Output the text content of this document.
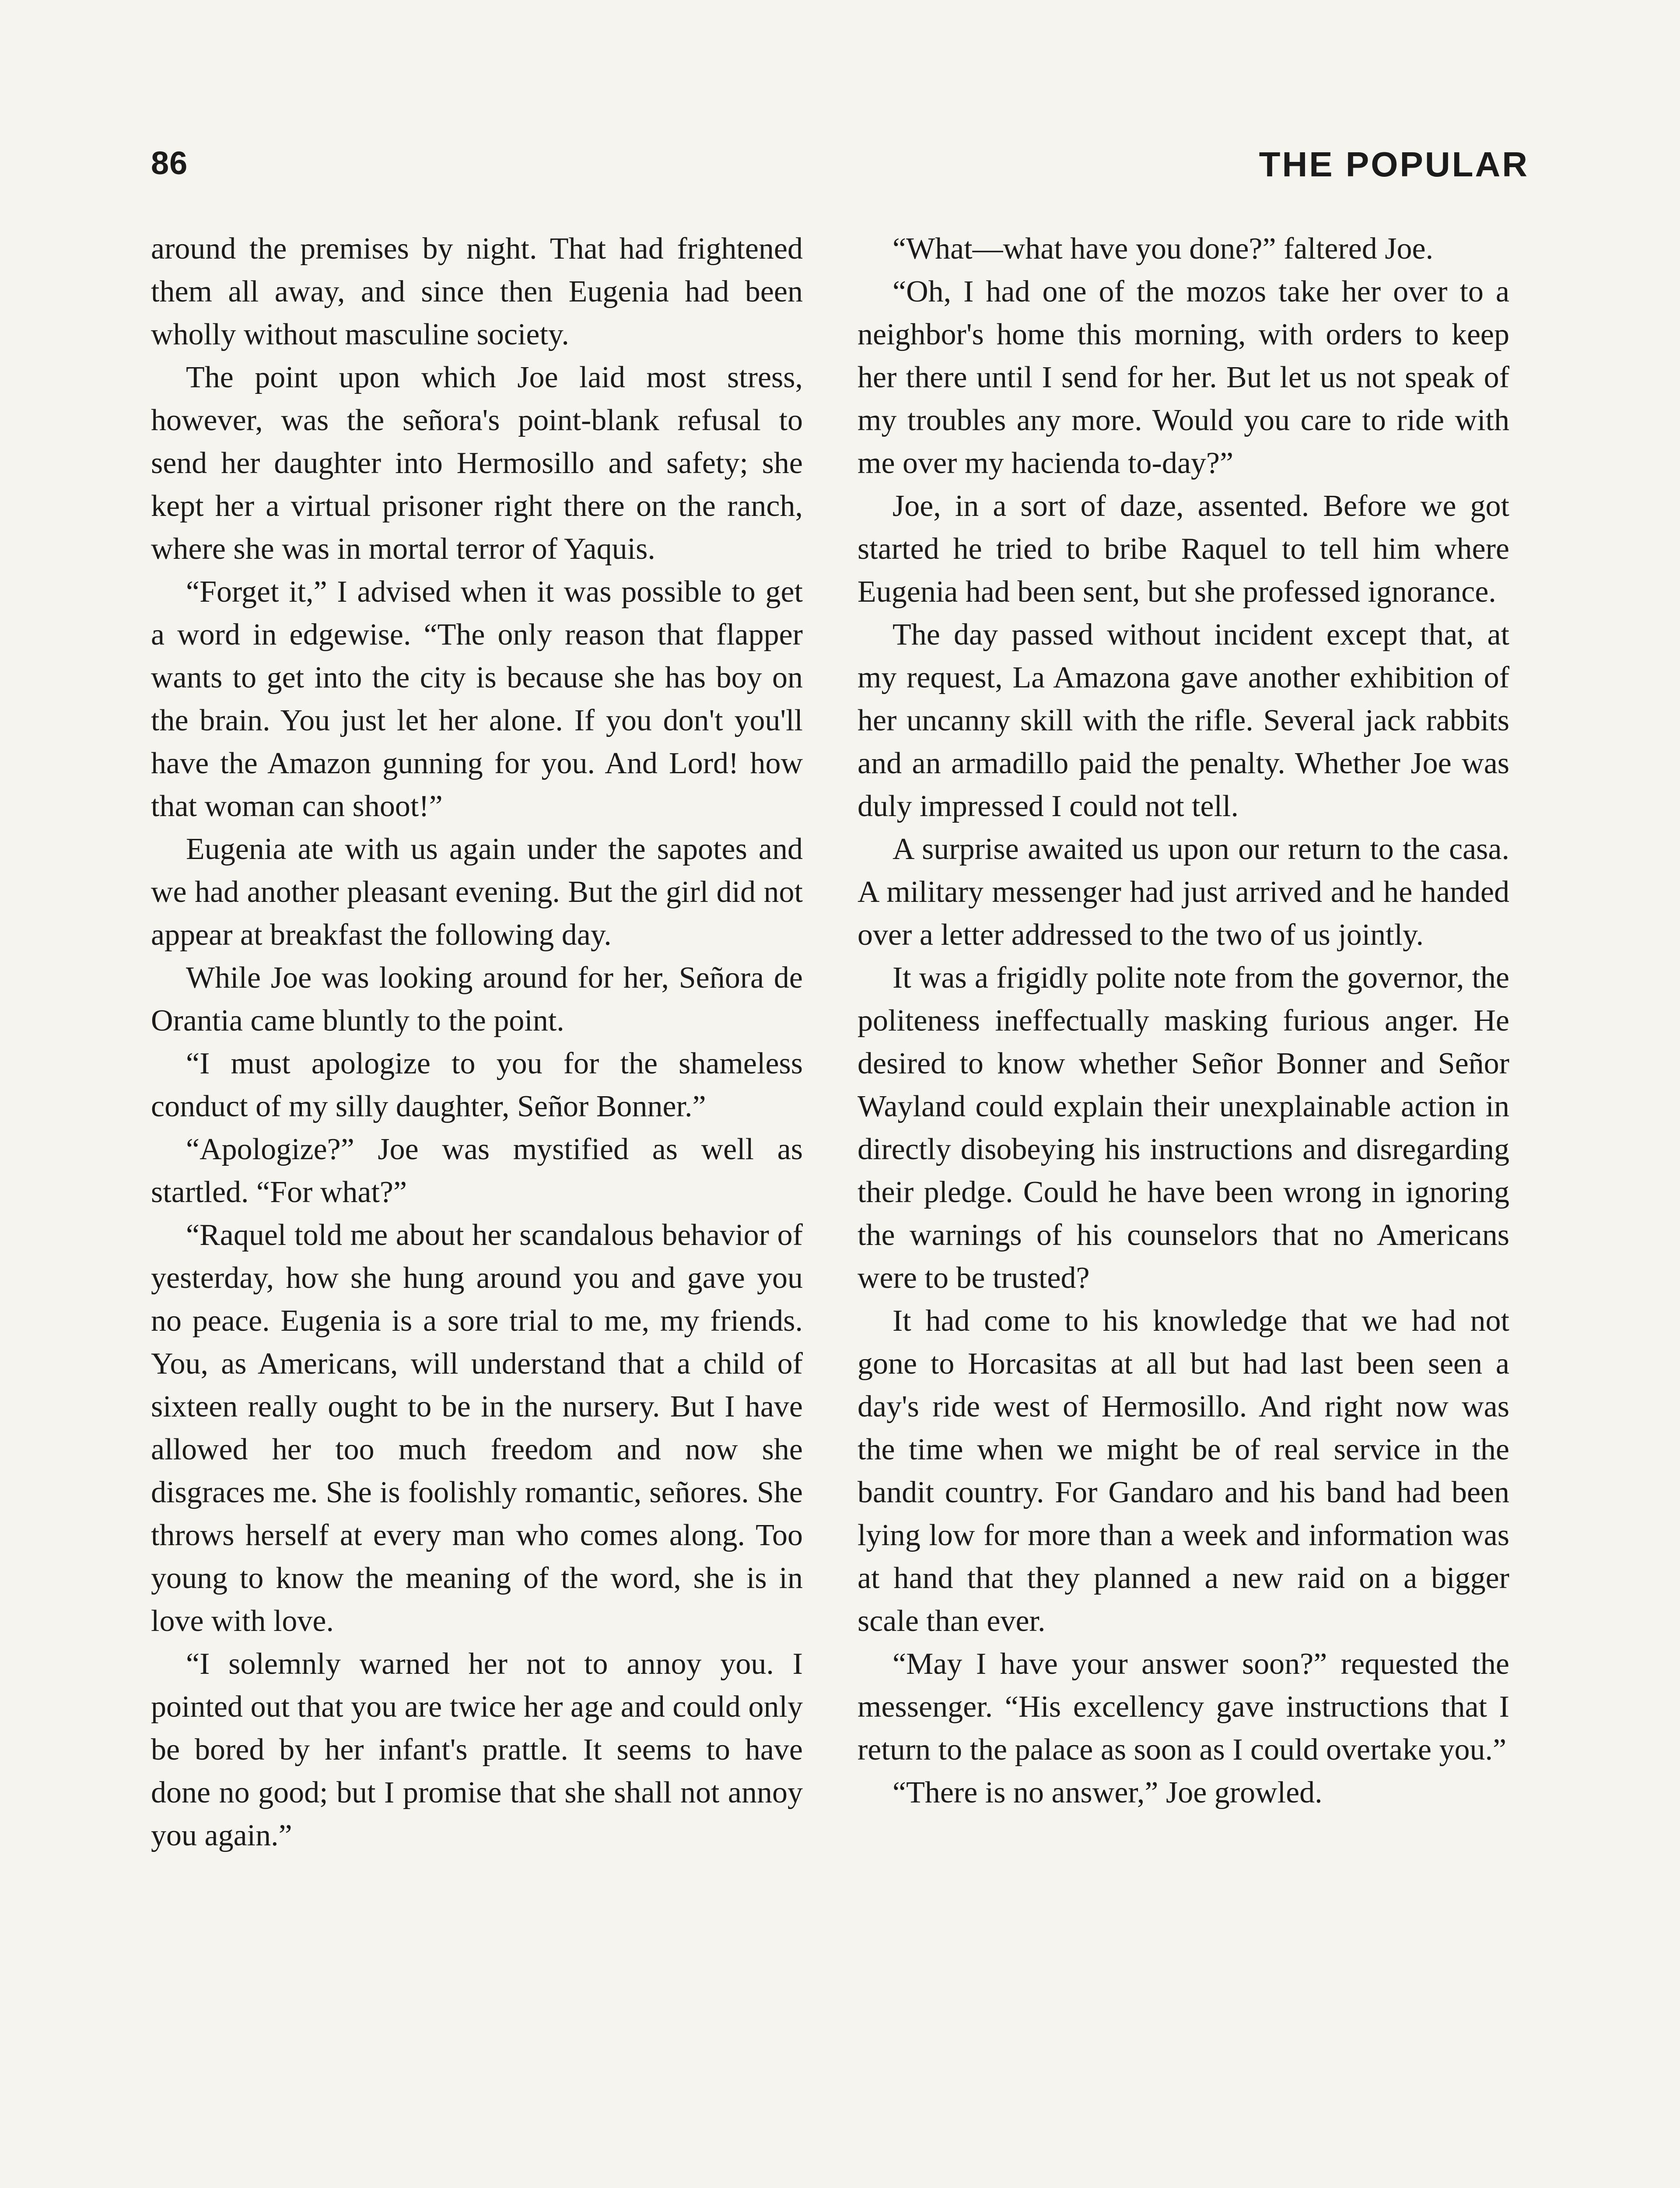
86	THE POPULAR

around the premises by night. That had frightened them all away, and since then Eugenia had been wholly without masculine society.

The point upon which Joe laid most stress, however, was the señora's point-blank refusal to send her daughter into Hermosillo and safety; she kept her a virtual prisoner right there on the ranch, where she was in mortal terror of Yaquis.

“Forget it,” I advised when it was possible to get a word in edgewise. “The only reason that flapper wants to get into the city is because she has boy on the brain. You just let her alone. If you don't you'll have the Amazon gunning for you. And Lord! how that woman can shoot!”

Eugenia ate with us again under the sapotes and we had another pleasant evening. But the girl did not appear at breakfast the following day.

While Joe was looking around for her, Señora de Orantia came bluntly to the point.

“I must apologize to you for the shameless conduct of my silly daughter, Señor Bonner.”

“Apologize?” Joe was mystified as well as startled. “For what?”

“Raquel told me about her scandalous behavior of yesterday, how she hung around you and gave you no peace. Eugenia is a sore trial to me, my friends. You, as Americans, will understand that a child of sixteen really ought to be in the nursery. But I have allowed her too much freedom and now she disgraces me. She is foolishly romantic, señores. She throws herself at every man who comes along. Too young to know the meaning of the word, she is in love with love.

“I solemnly warned her not to annoy you. I pointed out that you are twice her age and could only be bored by her infant's prattle. It seems to have done no good; but I promise that she shall not annoy you again.”

“What—what have you done?” faltered Joe.

“Oh, I had one of the mozos take her over to a neighbor's home this morning, with orders to keep her there until I send for her. But let us not speak of my troubles any more. Would you care to ride with me over my hacienda to-day?”

Joe, in a sort of daze, assented. Before we got started he tried to bribe Raquel to tell him where Eugenia had been sent, but she professed ignorance.

The day passed without incident except that, at my request, La Amazona gave another exhibition of her uncanny skill with the rifle. Several jack rabbits and an armadillo paid the penalty. Whether Joe was duly impressed I could not tell.

A surprise awaited us upon our return to the casa. A military messenger had just arrived and he handed over a letter addressed to the two of us jointly.

It was a frigidly polite note from the governor, the politeness ineffectually masking furious anger. He desired to know whether Señor Bonner and Señor Wayland could explain their unexplainable action in directly disobeying his instructions and disregarding their pledge. Could he have been wrong in ignoring the warnings of his counselors that no Americans were to be trusted?

It had come to his knowledge that we had not gone to Horcasitas at all but had last been seen a day's ride west of Hermosillo. And right now was the time when we might be of real service in the bandit country. For Gandaro and his band had been lying low for more than a week and information was at hand that they planned a new raid on a bigger scale than ever.

“May I have your answer soon?” requested the messenger. “His excellency gave instructions that I return to the palace as soon as I could overtake you.”

“There is no answer,” Joe growled.
